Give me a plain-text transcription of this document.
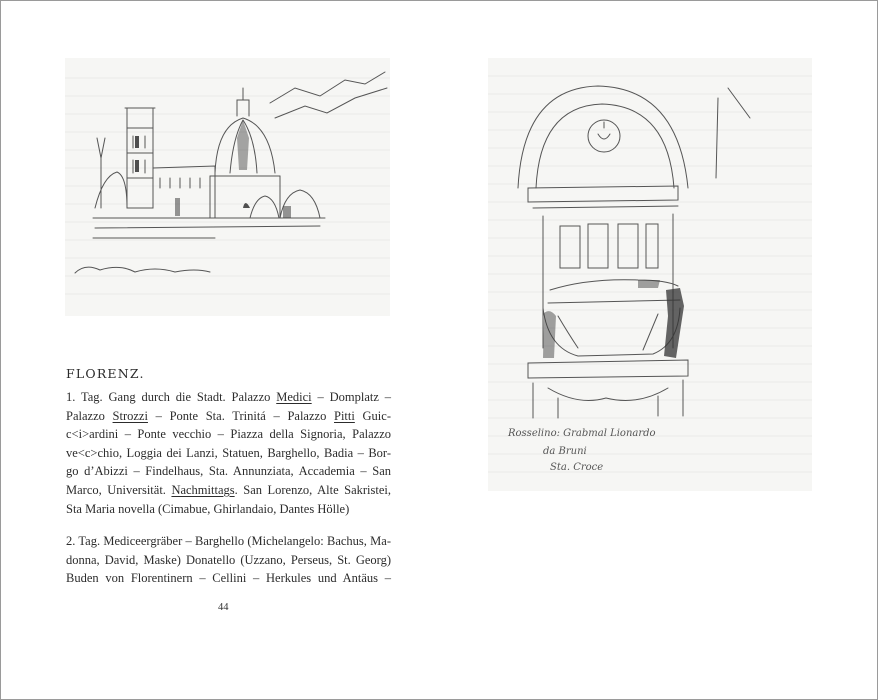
Rosselino: Grabmal Lionardo
da Bruni
Sta. Croce
FLORENZ.
1. Tag. Gang durch die Stadt. Palazzo Medici – Domplatz –
Palazzo Strozzi – Ponte Sta. Trinitá – Palazzo Pitti Guic-
c<i>ardini – Ponte vecchio – Piazza della Signoria, Palazzo
ve<c>chio, Loggia dei Lanzi, Statuen, Barghello, Badia – Bor-
go d’Abizzi – Findelhaus, Sta. Annunziata, Accademia – San
Marco, Universität. Nachmittags. San Lorenzo, Alte Sakristei,
Sta Maria novella (Cimabue, Ghirlandaio, Dantes Hölle)
2. Tag. Mediceergräber – Barghello (Michelangelo: Bachus, Ma-
donna, David, Maske) Donatello (Uzzano, Perseus, St. Georg)
Buden von Florentinern – Cellini – Herkules und Antäus –
44
